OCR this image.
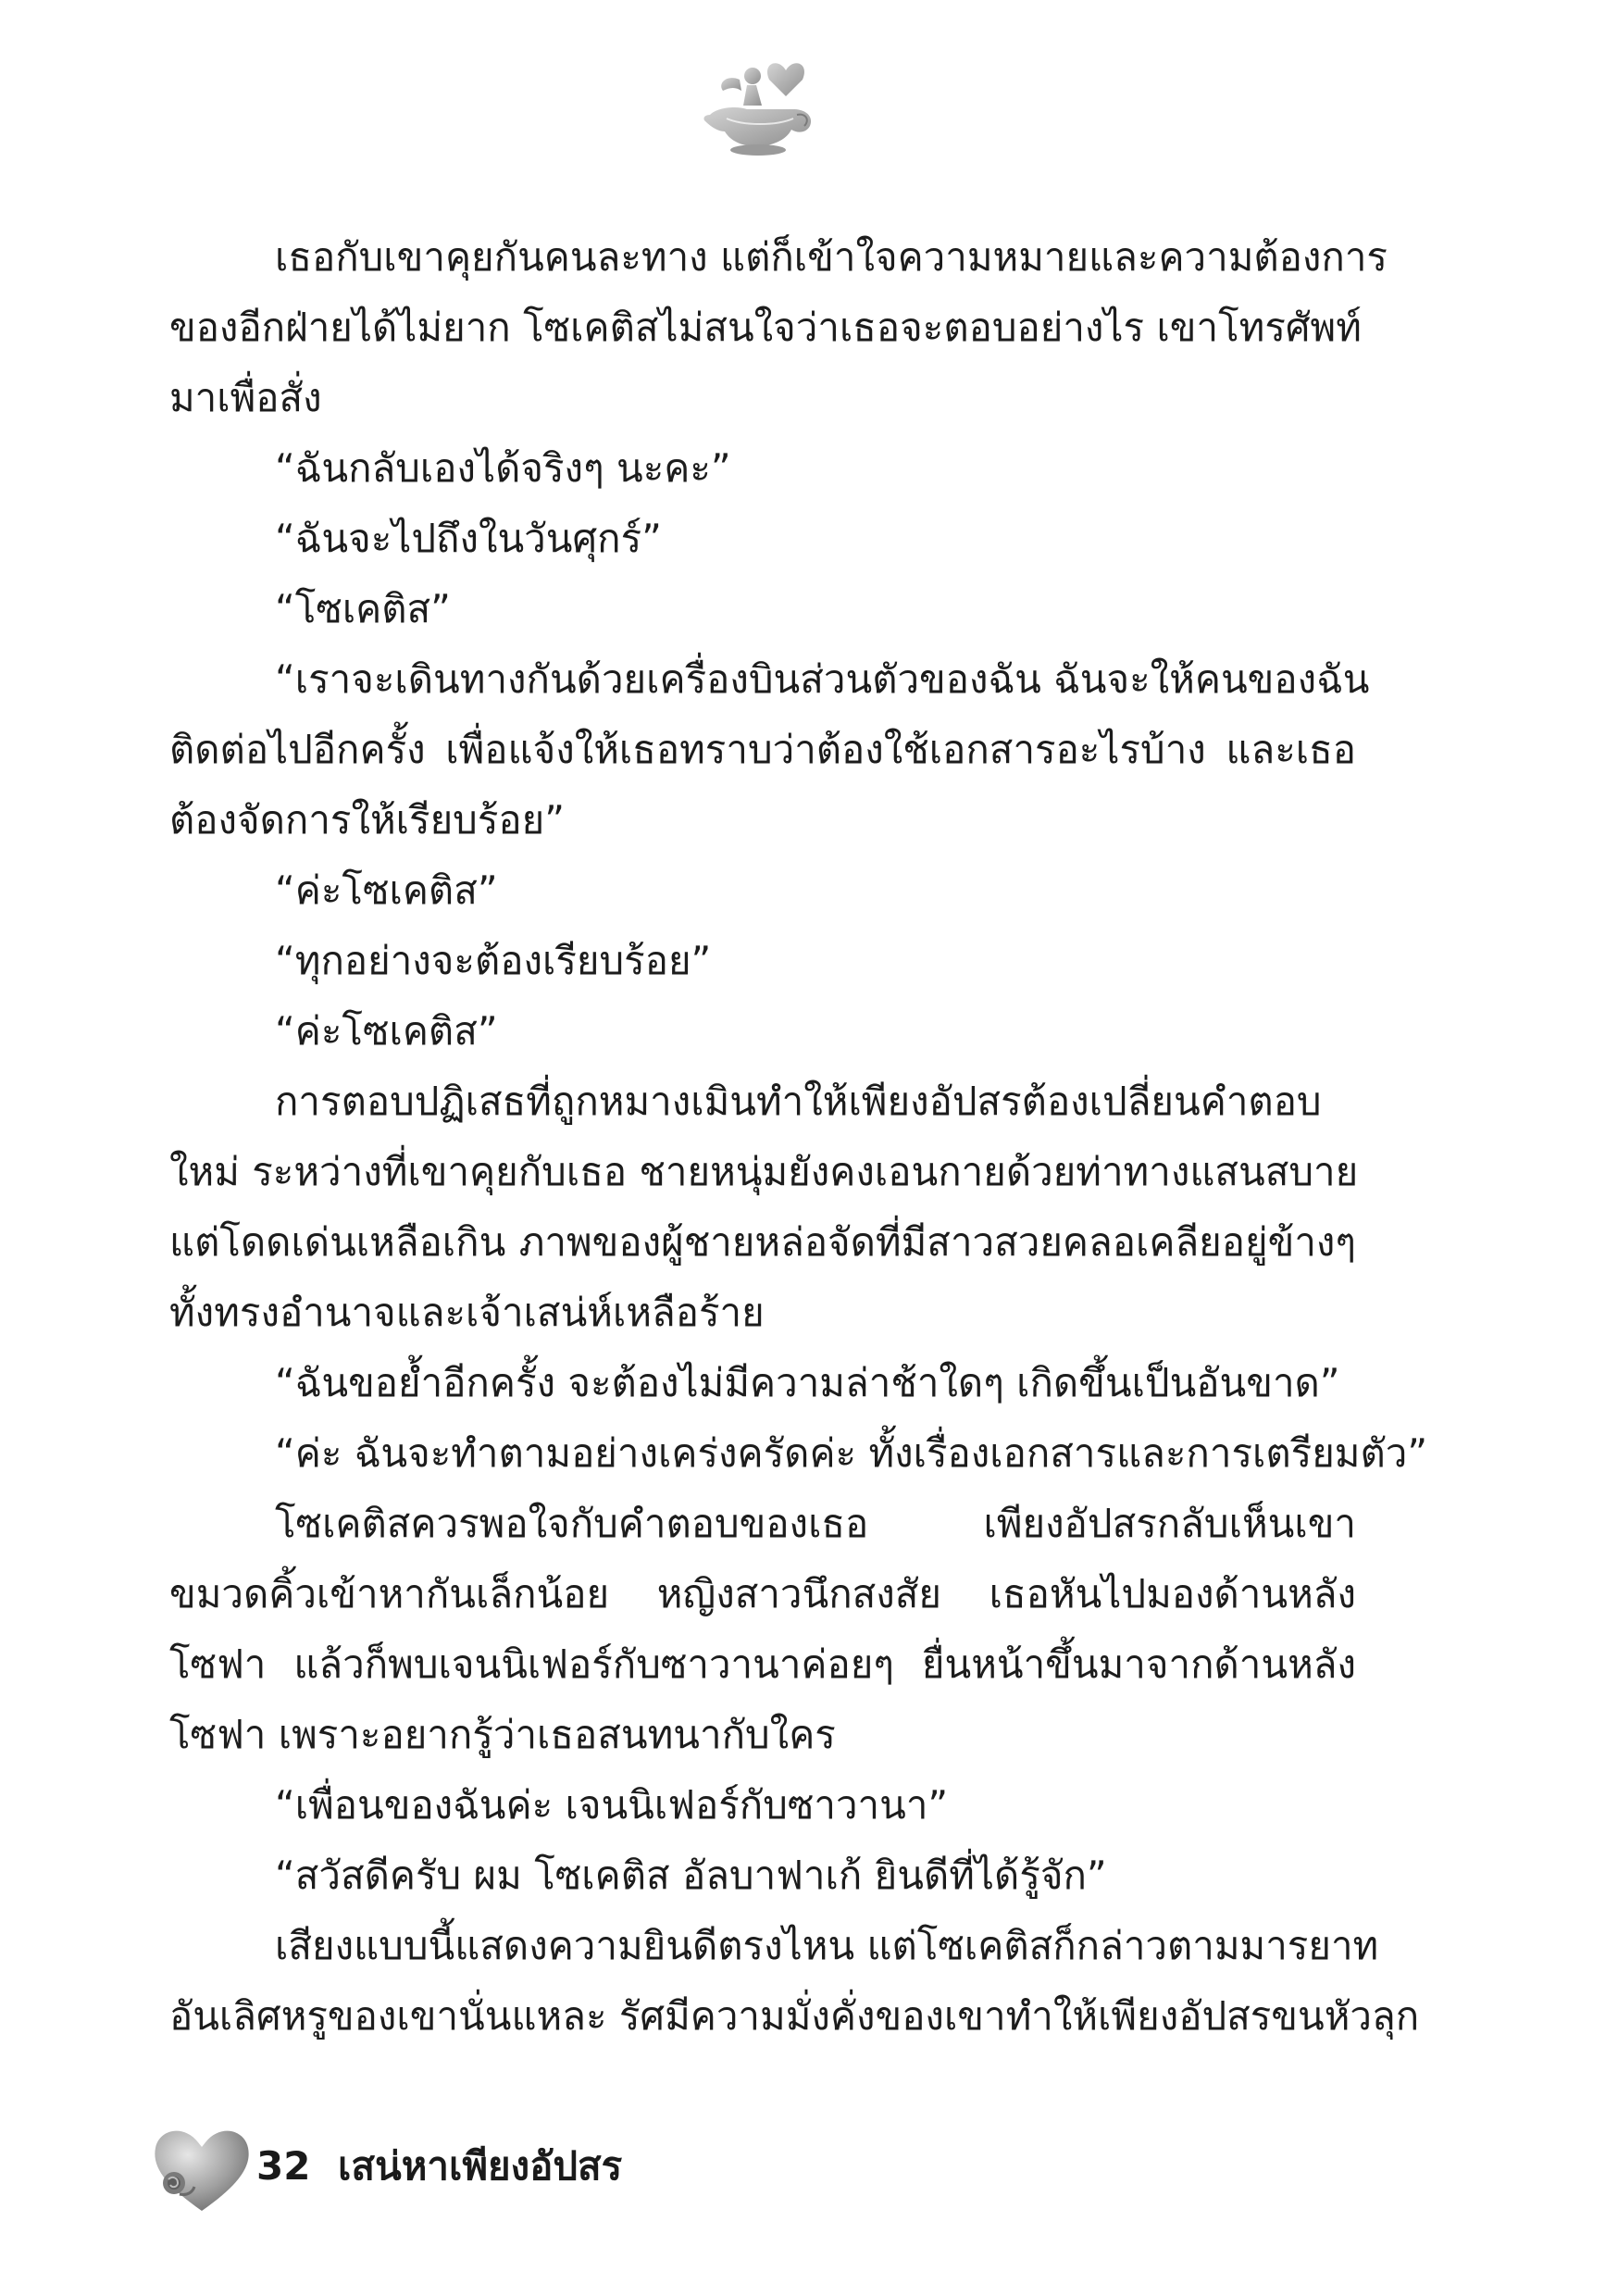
เธอกับเขาคุยกันคนละทาง แต่ก็เข้าใจความหมายและความต้องการ
ของอีกฝ่ายได้ไม่ยาก โซเคติสไม่สนใจว่าเธอจะตอบอย่างไร เขาโทรศัพท์
มาเพื่อสั่ง
“ฉันกลับเองได้จริงๆ นะคะ”
“ฉันจะไปถึงในวันศุกร์”
“โซเคติส”
“เราจะเดินทางกันด้วยเครื่องบินส่วนตัวของฉัน ฉันจะให้คนของฉัน
ติดต่อไปอีกครั้ง เพื่อแจ้งให้เธอทราบว่าต้องใช้เอกสารอะไรบ้าง และเธอ
ต้องจัดการให้เรียบร้อย”
“ค่ะโซเคติส”
“ทุกอย่างจะต้องเรียบร้อย”
“ค่ะโซเคติส”
การตอบปฏิเสธที่ถูกหมางเมินทำให้เพียงอัปสรต้องเปลี่ยนคำตอบ
ใหม่ ระหว่างที่เขาคุยกับเธอ ชายหนุ่มยังคงเอนกายด้วยท่าทางแสนสบาย
แต่โดดเด่นเหลือเกิน ภาพของผู้ชายหล่อจัดที่มีสาวสวยคลอเคลียอยู่ข้างๆ
ทั้งทรงอำนาจและเจ้าเสน่ห์เหลือร้าย
“ฉันขอย้ำอีกครั้ง จะต้องไม่มีความล่าช้าใดๆ เกิดขึ้นเป็นอันขาด”
“ค่ะ ฉันจะทำตามอย่างเคร่งครัดค่ะ ทั้งเรื่องเอกสารและการเตรียมตัว”
โซเคติสควรพอใจกับคำตอบของเธอ เพียงอัปสรกลับเห็นเขา
ขมวดคิ้วเข้าหากันเล็กน้อย หญิงสาวนึกสงสัย เธอหันไปมองด้านหลัง
โซฟา แล้วก็พบเจนนิเฟอร์กับซาวานาค่อยๆ ยื่นหน้าขึ้นมาจากด้านหลัง
โซฟา เพราะอยากรู้ว่าเธอสนทนากับใคร
“เพื่อนของฉันค่ะ เจนนิเฟอร์กับซาวานา”
“สวัสดีครับ ผม โซเคติส อัลบาฟาเก้ ยินดีที่ได้รู้จัก”
เสียงแบบนี้แสดงความยินดีตรงไหน แต่โซเคติสก็กล่าวตามมารยาท
อันเลิศหรูของเขานั่นแหละ รัศมีความมั่งคั่งของเขาทำให้เพียงอัปสรขนหัวลุก
32 เสน่หาเพียงอัปสร
